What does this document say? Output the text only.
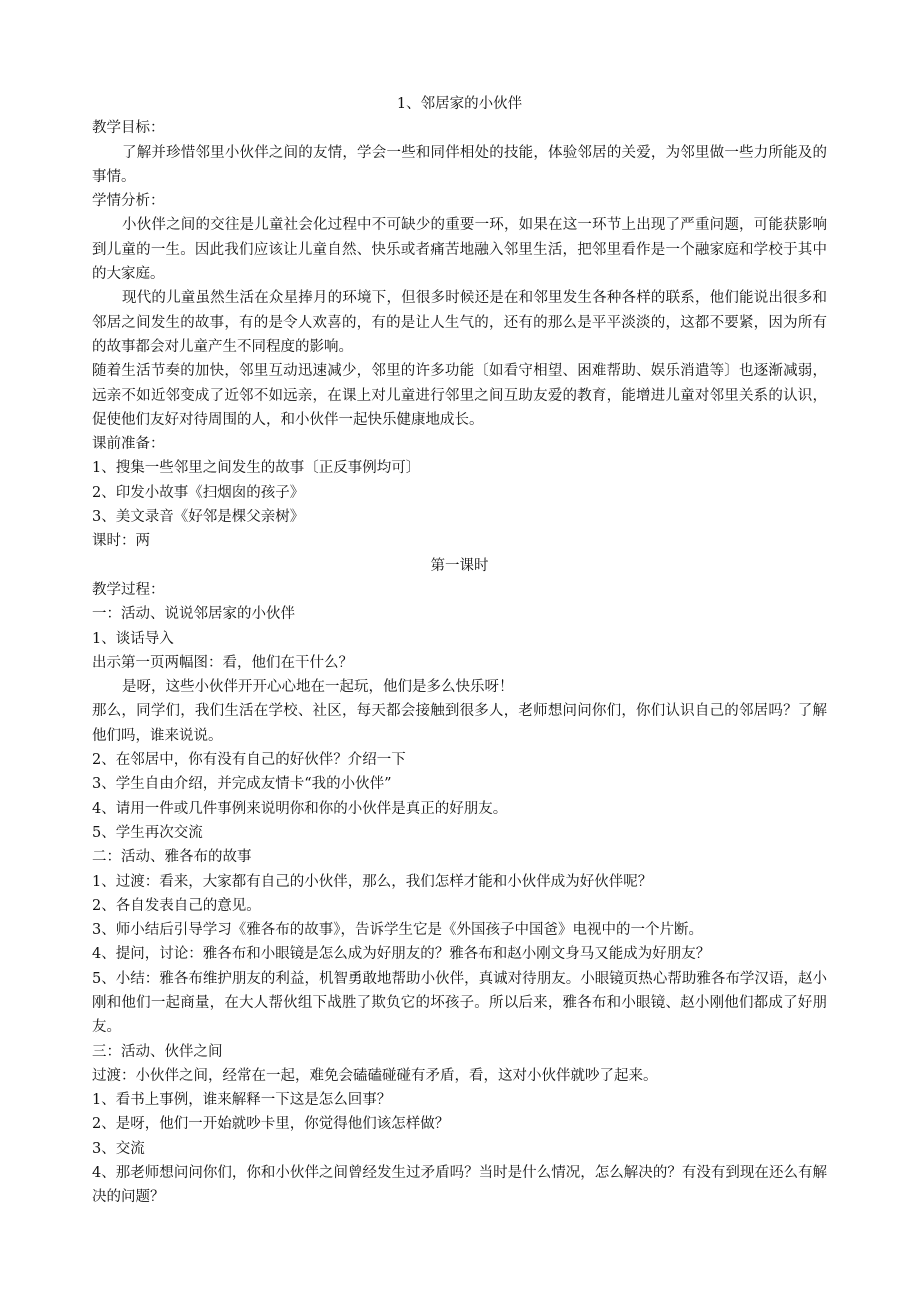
1、邻居家的小伙伴
教学目标：
了解并珍惜邻里小伙伴之间的友情，学会一些和同伴相处的技能，体验邻居的关爱，为邻里做一些力所能及的事情。
学情分析：
小伙伴之间的交往是儿童社会化过程中不可缺少的重要一环，如果在这一环节上出现了严重问题，可能获影响到儿童的一生。因此我们应该让儿童自然、快乐或者痛苦地融入邻里生活，把邻里看作是一个融家庭和学校于其中的大家庭。
现代的儿童虽然生活在众星捧月的环境下，但很多时候还是在和邻里发生各种各样的联系，他们能说出很多和邻居之间发生的故事，有的是令人欢喜的，有的是让人生气的，还有的那么是平平淡淡的，这都不要紧，因为所有的故事都会对儿童产生不同程度的影响。
随着生活节奏的加快，邻里互动迅速减少，邻里的许多功能〔如看守相望、困难帮助、娱乐消遣等〕也逐渐减弱，远亲不如近邻变成了近邻不如远亲，在课上对儿童进行邻里之间互助友爱的教育，能增进儿童对邻里关系的认识，促使他们友好对待周围的人，和小伙伴一起快乐健康地成长。
课前准备：
1、搜集一些邻里之间发生的故事〔正反事例均可〕
2、印发小故事《扫烟囱的孩子》
3、美文录音《好邻是棵父亲树》
课时：两
第一课时
教学过程：
一：活动、说说邻居家的小伙伴
1、谈话导入
出示第一页两幅图：看，他们在干什么？
是呀，这些小伙伴开开心心地在一起玩，他们是多么快乐呀！
那么，同学们，我们生活在学校、社区，每天都会接触到很多人，老师想问问你们，你们认识自己的邻居吗？了解他们吗，谁来说说。
2、在邻居中，你有没有自己的好伙伴？介绍一下
3、学生自由介绍，并完成友情卡“我的小伙伴”
4、请用一件或几件事例来说明你和你的小伙伴是真正的好朋友。
5、学生再次交流
二：活动、雅各布的故事
1、过渡：看来，大家都有自己的小伙伴，那么，我们怎样才能和小伙伴成为好伙伴呢？
2、各自发表自己的意见。
3、师小结后引导学习《雅各布的故事》，告诉学生它是《外国孩子中国爸》电视中的一个片断。
4、提问，讨论：雅各布和小眼镜是怎么成为好朋友的？雅各布和赵小刚文身马又能成为好朋友？
5、小结：雅各布维护朋友的利益，机智勇敢地帮助小伙伴，真诚对待朋友。小眼镜页热心帮助雅各布学汉语，赵小刚和他们一起商量，在大人帮伙组下战胜了欺负它的坏孩子。所以后来，雅各布和小眼镜、赵小刚他们都成了好朋友。
三：活动、伙伴之间
过渡：小伙伴之间，经常在一起，难免会磕磕碰碰有矛盾，看，这对小伙伴就吵了起来。
1、看书上事例，谁来解释一下这是怎么回事？
2、是呀，他们一开始就吵卡里，你觉得他们该怎样做？
3、交流
4、那老师想问问你们，你和小伙伴之间曾经发生过矛盾吗？当时是什么情况，怎么解决的？有没有到现在还么有解决的问题？
